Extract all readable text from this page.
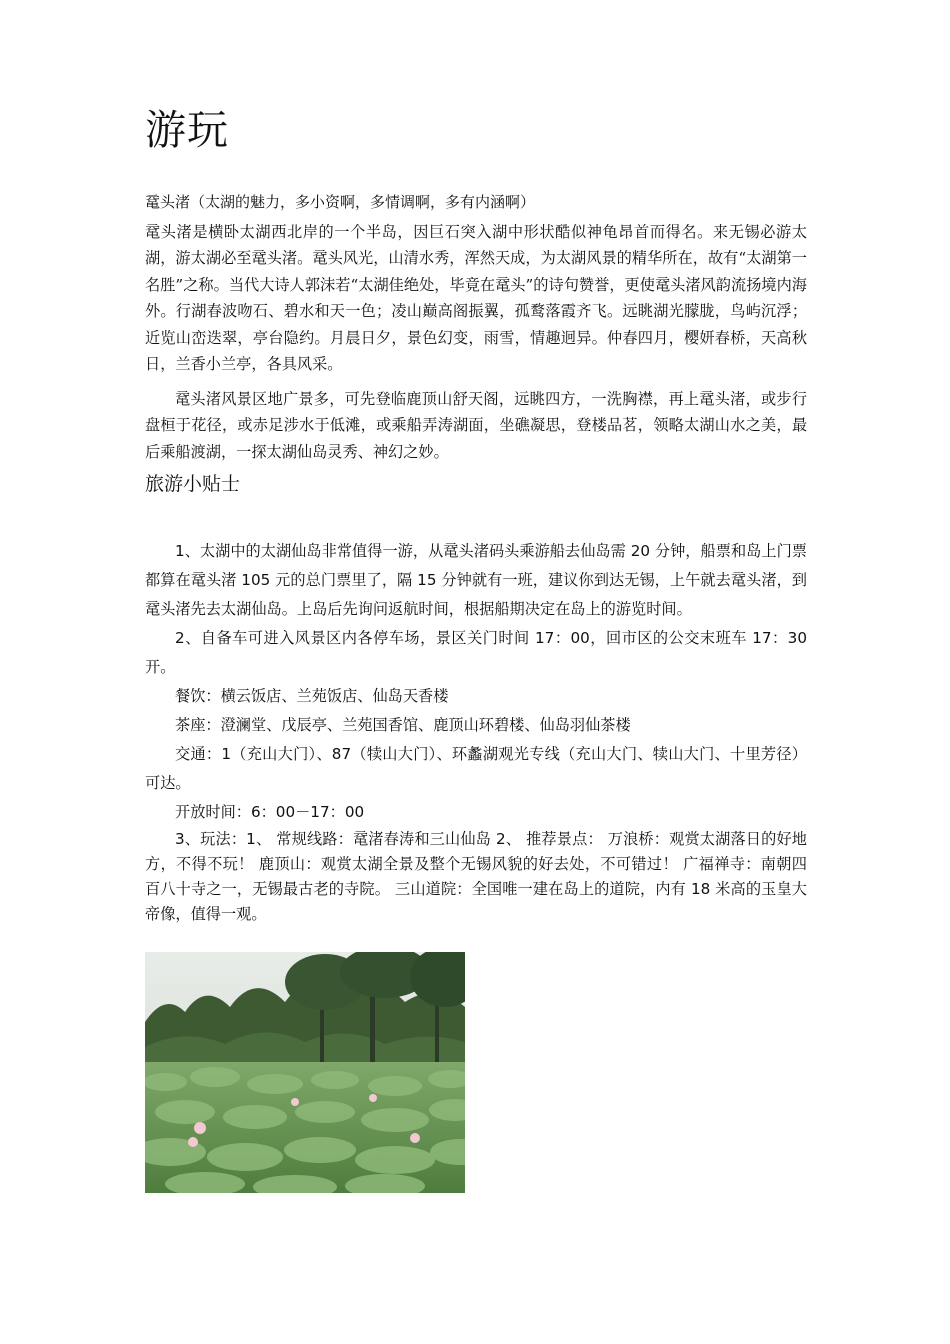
游玩

鼋头渚（太湖的魅力，多小资啊，多情调啊，多有内涵啊）

鼋头渚是横卧太湖西北岸的一个半岛，因巨石突入湖中形状酷似神龟昂首而得名。来无锡必游太湖，游太湖必至鼋头渚。鼋头风光，山清水秀，浑然天成，为太湖风景的精华所在，故有“太湖第一名胜”之称。当代大诗人郭沫若“太湖佳绝处，毕竟在鼋头”的诗句赞誉，更使鼋头渚风韵流扬境内海外。行湖春波吻石、碧水和天一色；凌山巅高阁振翼，孤鹜落霞齐飞。远眺湖光朦胧，鸟屿沉浮；近览山峦迭翠，亭台隐约。月晨日夕，景色幻变，雨雪，情趣迥异。仲春四月，樱妍春桥，天高秋日，兰香小兰亭，各具风采。

鼋头渚风景区地广景多，可先登临鹿顶山舒天阁，远眺四方，一洗胸襟，再上鼋头渚，或步行盘桓于花径，或赤足涉水于低滩，或乘船弄涛湖面，坐礁凝思，登楼品茗，领略太湖山水之美，最后乘船渡湖，一探太湖仙岛灵秀、神幻之妙。

旅游小贴士

1、太湖中的太湖仙岛非常值得一游，从鼋头渚码头乘游船去仙岛需 20 分钟，船票和岛上门票都算在鼋头渚 105 元的总门票里了，隔 15 分钟就有一班，建议你到达无锡，上午就去鼋头渚，到鼋头渚先去太湖仙岛。上岛后先询问返航时间，根据船期决定在岛上的游览时间。

2、自备车可进入风景区内各停车场，景区关门时间 17：00，回市区的公交末班车 17：30 开。

餐饮：横云饭店、兰苑饭店、仙岛天香楼

茶座：澄澜堂、戊辰亭、兰苑国香馆、鹿顶山环碧楼、仙岛羽仙茶楼

交通：1（充山大门）、87（犊山大门）、环蠡湖观光专线（充山大门、犊山大门、十里芳径）可达。

开放时间：6：00－17：00

3、玩法：1、 常规线路：鼋渚春涛和三山仙岛 2、 推荐景点： 万浪桥：观赏太湖落日的好地方，不得不玩！ 鹿顶山：观赏太湖全景及整个无锡风貌的好去处，不可错过！ 广福禅寺：南朝四百八十寺之一，无锡最古老的寺院。 三山道院：全国唯一建在岛上的道院，内有 18 米高的玉皇大帝像，值得一观。
